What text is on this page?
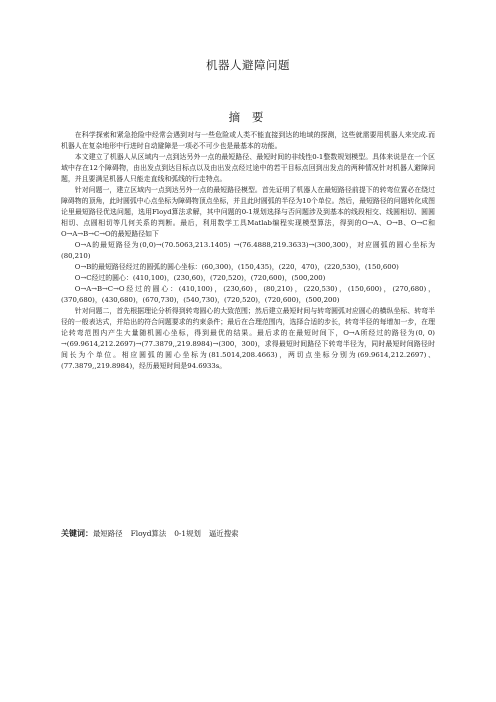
机器人避障问题
摘 要

在科学探索和紧急抢险中经常会遇到对与一些危险或人类不能直接到达的地域的探测，这些就需要用机器人来完成.而机器人在复杂地形中行进时自动避障是一项必不可少也是最基本的功能。

本文建立了机器人从区域内一点到达另外一点的最短路径、最短时间的非线性0-1整数规划模型。具体来说是在一个区域中存在12个障碍物，由出发点到达目标点以及由出发点经过途中的若干目标点回到出发点的两种情况针对机器人避障问题，并且要满足机器人只能走直线和弧线的行走特点。

针对问题一，建立区域内一点到达另外一点的最短路径模型。首先证明了机器人在最短路径前提下的转弯位置必在绕过障碍物的顶角，此时圆弧中心点坐标为障碍物顶点坐标，并且此时圆弧的半径为10个单位。然后，最短路径的问题转化成图论里最短路径优选问题，选用Floyd算法求解，其中问题的0-1规划选择与否问题涉及到基本的线段相交、线圆相切、圆圆相切、点圆相切等几何关系的判断。最后，利用数学工具Matlab编程实现模型算法，得到的O→A、O→B、O→C和O→A→B→C→O的最短路径如下

O→A的最短路径为(0,0)→(70.5063,213.1405) →(76.4888,219.3633)→(300,300)，对应圆弧的圆心坐标为(80,210)

O→B的最短路径经过的圆弧的圆心坐标：(60,300)，(150,435)，(220，470)，(220,530)，(150,600)

O→C经过的圆心：(410,100)，(230,60)，(720,520)，(720,600)，(500,200)

O→A→B→C→O经过的圆心：(410,100)，(230,60)，(80,210)，(220,530)，(150,600)，(270,680)，(370,680)，(430,680)，(670,730)，(540,730)，(720,520)，(720,600)，(500,200)

针对问题二，首先根据理论分析得到转弯圆心的大致范围；然后建立最短时间与转弯圆弧对应圆心的横纵坐标、转弯半径的一般表达式，并给出的符合问题要求的约束条件；最后在合理范围内，选择合适的步长，转弯半径的每增加一步，在理论转弯范围内产生大量随机圆心坐标，得到最优的结果。最后求的在最短时间下，O→A所经过的路径为(0, 0) →(69.9614,212.2697)→(77.3879,,219.8984)→(300，300)，求得最短时间路径下转弯半径为，同时最短时间路径时间长为个单位。相应圆弧的圆心坐标为(81.5014,208.4663)，两切点坐标分别为(69.9614,212.2697)、(77.3879,,219.8984)，经历最短时间是94.6933s。

关键词：最短路径 Floyd算法 0-1规划 逼近搜索
